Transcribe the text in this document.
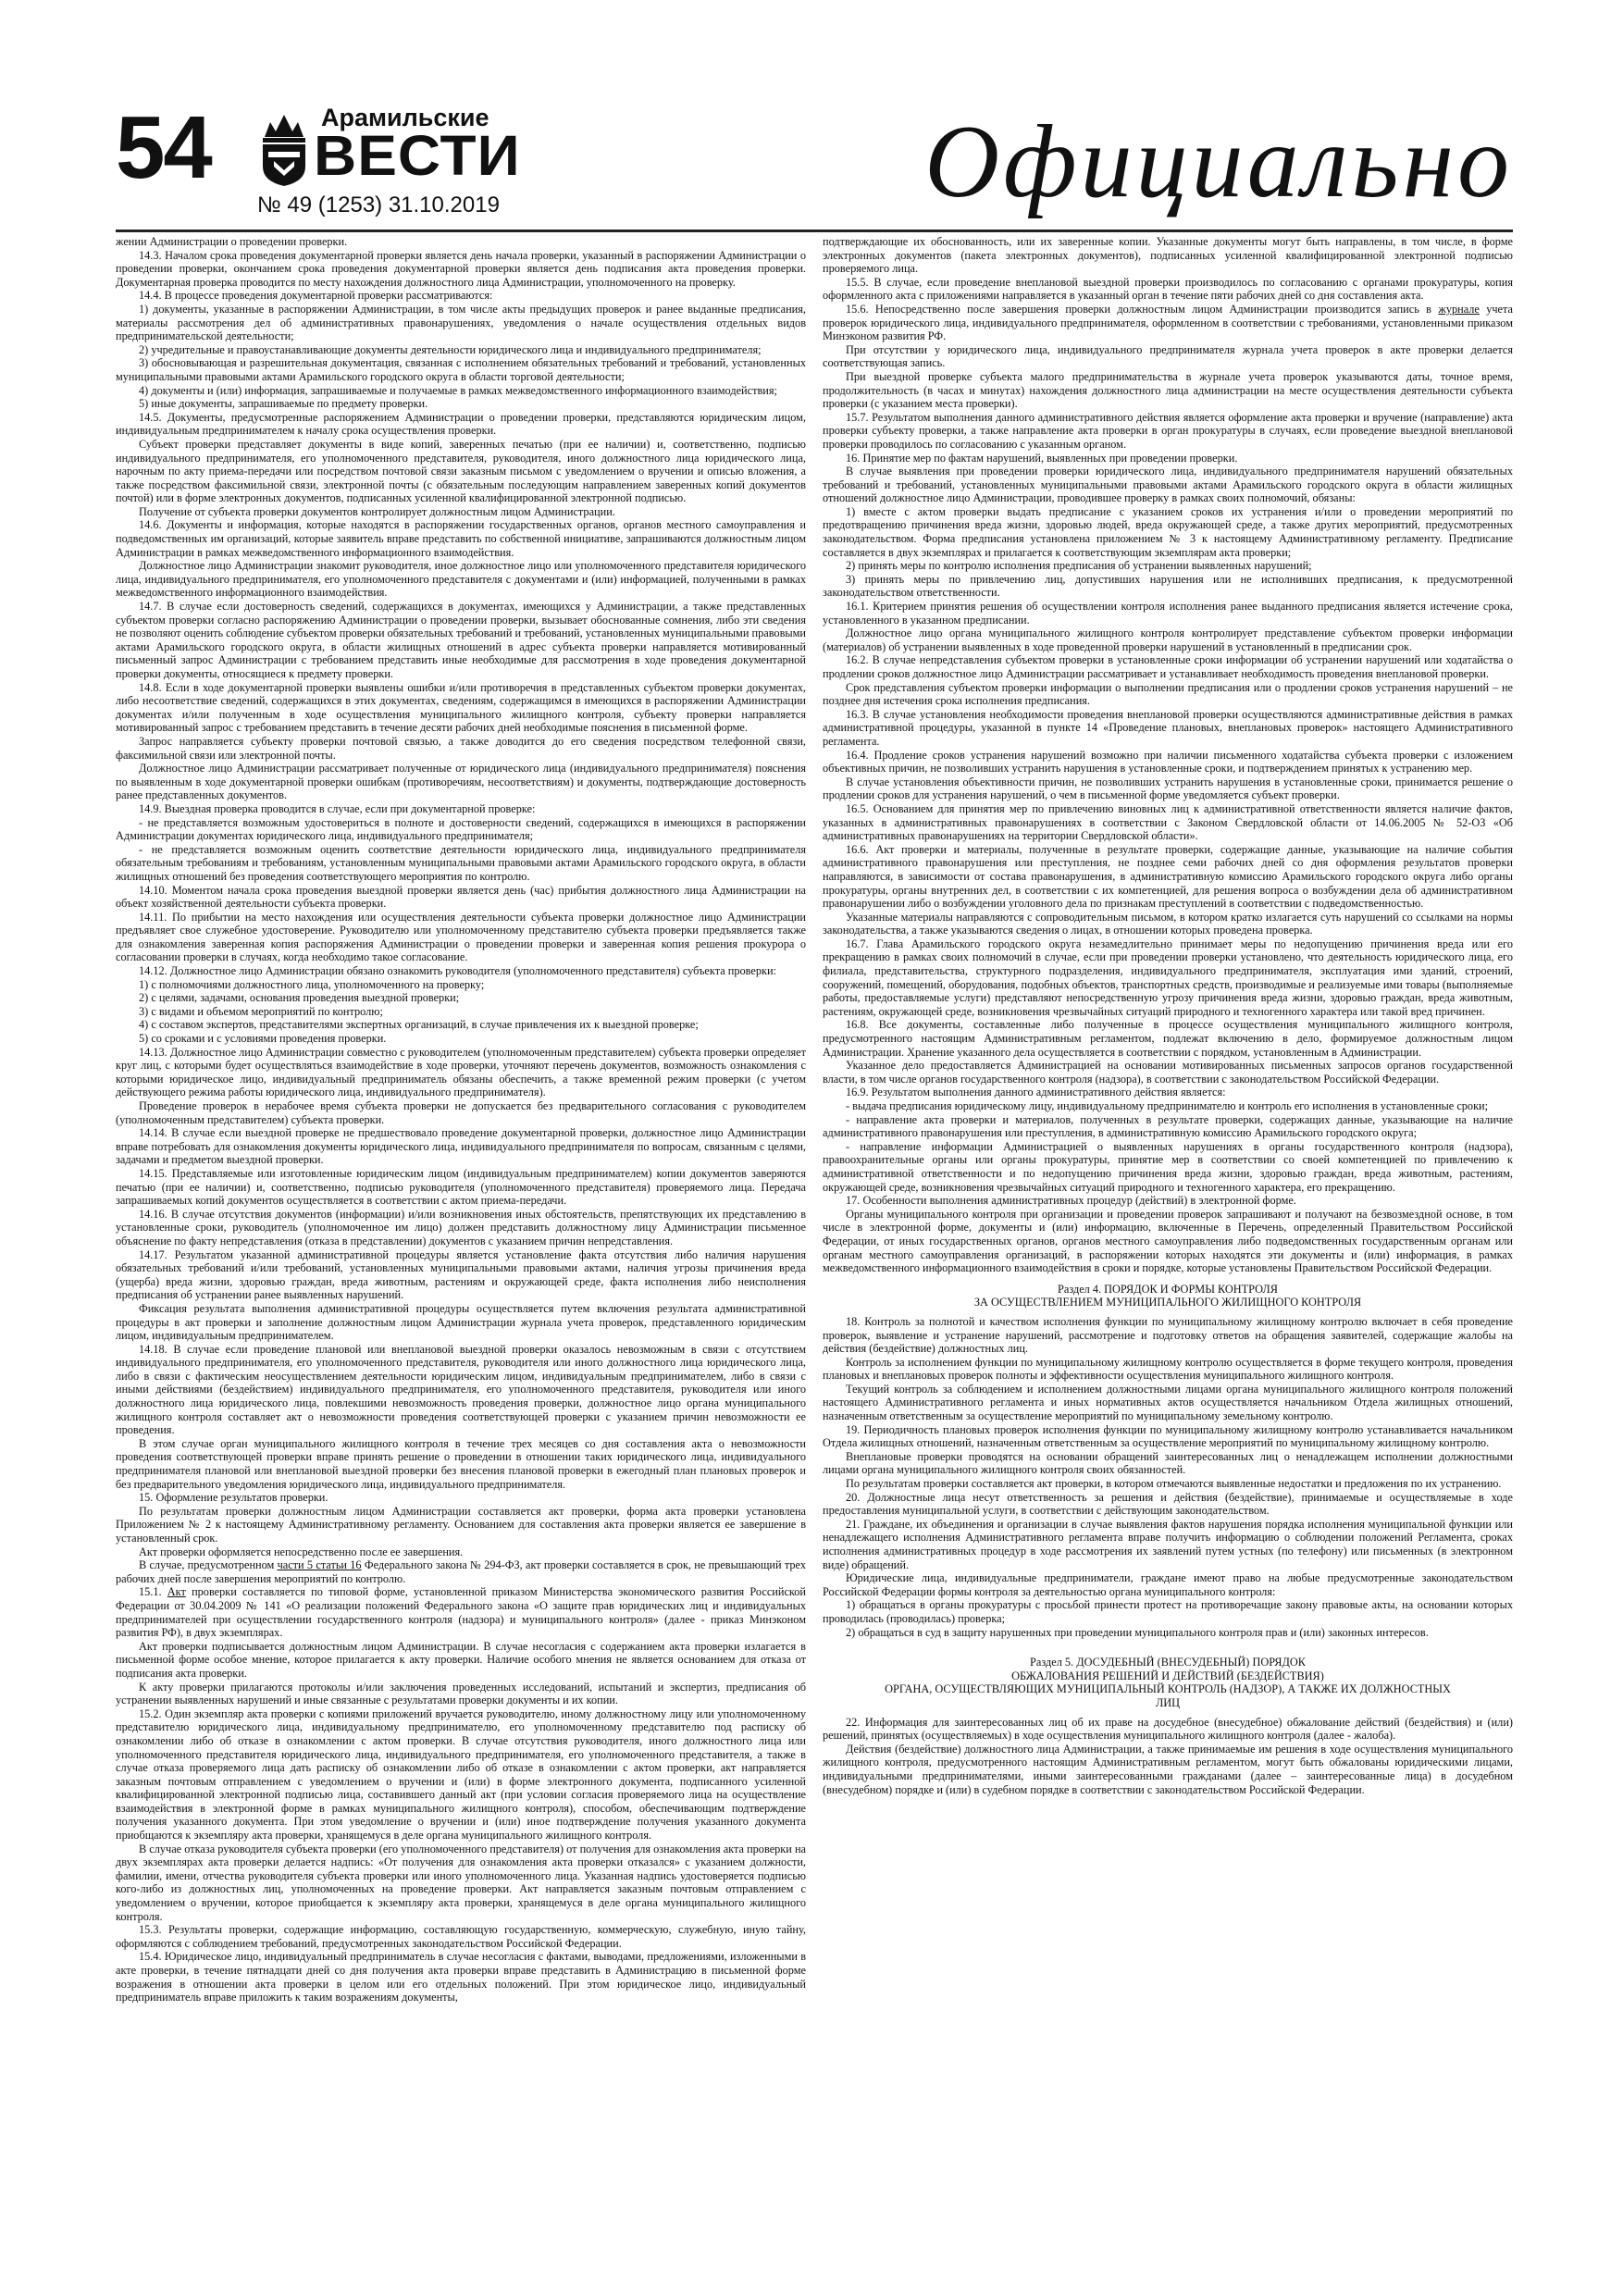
54	Арамильские
ВЕСТИ
№ 49 (1253) 31.10.2019	Официально

жении Администрации о проведении проверки.

14.3. Началом срока проведения документарной проверки является день начала проверки, указанный в распоряжении Администрации о проведении проверки, окончанием срока проведения документарной проверки является день подписания акта проведения проверки. Документарная проверка проводится по месту нахождения должностного лица Администрации, уполномоченного на проверку.

14.4. В процессе проведения документарной проверки рассматриваются:

1) документы, указанные в распоряжении Администрации, в том числе акты предыдущих проверок и ранее выданные предписания, материалы рассмотрения дел об административных правонарушениях, уведомления о начале осуществления отдельных видов предпринимательской деятельности;

2) учредительные и правоустанавливающие документы деятельности юридического лица и индивидуального предпринимателя;

3) обосновывающая и разрешительная документация, связанная с исполнением обязательных требований и требований, установленных муниципальными правовыми актами Арамильского городского округа в области торговой деятельности;

4) документы и (или) информация, запрашиваемые и получаемые в рамках межведомственного информационного взаимодействия;

5) иные документы, запрашиваемые по предмету проверки.

14.5. Документы, предусмотренные распоряжением Администрации о проведении проверки, представляются юридическим лицом, индивидуальным предпринимателем к началу срока осуществления проверки.

Субъект проверки представляет документы в виде копий, заверенных печатью (при ее наличии) и, соответственно, подписью индивидуального предпринимателя, его уполномоченного представителя, руководителя, иного должностного лица юридического лица, нарочным по акту приема-передачи или посредством почтовой связи заказным письмом с уведомлением о вручении и описью вложения, а также посредством факсимильной связи, электронной почты (с обязательным последующим направлением заверенных копий документов почтой) или в форме электронных документов, подписанных усиленной квалифицированной электронной подписью.

Получение от субъекта проверки документов контролирует должностным лицом Администрации.

14.6. Документы и информация, которые находятся в распоряжении государственных органов, органов местного самоуправления и подведомственных им организаций, которые заявитель вправе представить по собственной инициативе, запрашиваются должностным лицом Администрации в рамках межведомственного информационного взаимодействия.

Должностное лицо Администрации знакомит руководителя, иное должностное лицо или уполномоченного представителя юридического лица, индивидуального предпринимателя, его уполномоченного представителя с документами и (или) информацией, полученными в рамках межведомственного информационного взаимодействия.

14.7. В случае если достоверность сведений, содержащихся в документах, имеющихся у Администрации, а также представленных субъектом проверки согласно распоряжению Администрации о проведении проверки, вызывает обоснованные сомнения, либо эти сведения не позволяют оценить соблюдение субъектом проверки обязательных требований и требований, установленных муниципальными правовыми актами Арамильского городского округа, в области жилищных отношений в адрес субъекта проверки направляется мотивированный письменный запрос Администрации с требованием представить иные необходимые для рассмотрения в ходе проведения документарной проверки документы, относящиеся к предмету проверки.

14.8. Если в ходе документарной проверки выявлены ошибки и/или противоречия в представленных субъектом проверки документах, либо несоответствие сведений, содержащихся в этих документах, сведениям, содержащимся в имеющихся в распоряжении Администрации документах и/или полученным в ходе осуществления муниципального жилищного контроля, субъекту проверки направляется мотивированный запрос с требованием представить в течение десяти рабочих дней необходимые пояснения в письменной форме.

Запрос направляется субъекту проверки почтовой связью, а также доводится до его сведения посредством телефонной связи, факсимильной связи или электронной почты.

Должностное лицо Администрации рассматривает полученные от юридического лица (индивидуального предпринимателя) пояснения по выявленным в ходе документарной проверки ошибкам (противоречиям, несоответствиям) и документы, подтверждающие достоверность ранее представленных документов.

14.9. Выездная проверка проводится в случае, если при документарной проверке:

- не представляется возможным удостовериться в полноте и достоверности сведений, содержащихся в имеющихся в распоряжении Администрации документах юридического лица, индивидуального предпринимателя;

- не представляется возможным оценить соответствие деятельности юридического лица, индивидуального предпринимателя обязательным требованиям и требованиям, установленным муниципальными правовыми актами Арамильского городского округа, в области жилищных отношений без проведения соответствующего мероприятия по контролю.

14.10. Моментом начала срока проведения выездной проверки является день (час) прибытия должностного лица Администрации на объект хозяйственной деятельности субъекта проверки.

14.11. По прибытии на место нахождения или осуществления деятельности субъекта проверки должностное лицо Администрации предъявляет свое служебное удостоверение. Руководителю или уполномоченному представителю субъекта проверки предъявляется также для ознакомления заверенная копия распоряжения Администрации о проведении проверки и заверенная копия решения прокурора о согласовании проверки в случаях, когда необходимо такое согласование.

14.12. Должностное лицо Администрации обязано ознакомить руководителя (уполномоченного представителя) субъекта проверки:

1) с полномочиями должностного лица, уполномоченного на проверку;

2) с целями, задачами, основания проведения выездной проверки;

3) с видами и объемом мероприятий по контролю;

4) с составом экспертов, представителями экспертных организаций, в случае привлечения их к выездной проверке;

5) со сроками и с условиями проведения проверки.

14.13. Должностное лицо Администрации совместно с руководителем (уполномоченным представителем) субъекта проверки определяет круг лиц, с которыми будет осуществляться взаимодействие в ходе проверки, уточняют перечень документов, возможность ознакомления с которыми юридическое лицо, индивидуальный предприниматель обязаны обеспечить, а также временной режим проверки (с учетом действующего режима работы юридического лица, индивидуального предпринимателя).

Проведение проверок в нерабочее время субъекта проверки не допускается без предварительного согласования с руководителем (уполномоченным представителем) субъекта проверки.

14.14. В случае если выездной проверке не предшествовало проведение документарной проверки, должностное лицо Администрации вправе потребовать для ознакомления документы юридического лица, индивидуального предпринимателя по вопросам, связанным с целями, задачами и предметом выездной проверки.

14.15. Представляемые или изготовленные юридическим лицом (индивидуальным предпринимателем) копии документов заверяются печатью (при ее наличии) и, соответственно, подписью руководителя (уполномоченного представителя) проверяемого лица. Передача запрашиваемых копий документов осуществляется в соответствии с актом приема-передачи.

14.16. В случае отсутствия документов (информации) и/или возникновения иных обстоятельств, препятствующих их представлению в установленные сроки, руководитель (уполномоченное им лицо) должен представить должностному лицу Администрации письменное объяснение по факту непредставления (отказа в представлении) документов с указанием причин непредставления.

14.17. Результатом указанной административной процедуры является установление факта отсутствия либо наличия нарушения обязательных требований и/или требований, установленных муниципальными правовыми актами, наличия угрозы причинения вреда (ущерба) вреда жизни, здоровью граждан, вреда животным, растениям и окружающей среде, факта исполнения либо неисполнения предписания об устранении ранее выявленных нарушений.

Фиксация результата выполнения административной процедуры осуществляется путем включения результата административной процедуры в акт проверки и заполнение должностным лицом Администрации журнала учета проверок, представленного юридическим лицом, индивидуальным предпринимателем.

14.18. В случае если проведение плановой или внеплановой выездной проверки оказалось невозможным в связи с отсутствием индивидуального предпринимателя, его уполномоченного представителя, руководителя или иного должностного лица юридического лица, либо в связи с фактическим неосуществлением деятельности юридическим лицом, индивидуальным предпринимателем, либо в связи с иными действиями (бездействием) индивидуального предпринимателя, его уполномоченного представителя, руководителя или иного должностного лица юридического лица, повлекшими невозможность проведения проверки, должностное лицо органа муниципального жилищного контроля составляет акт о невозможности проведения соответствующей проверки с указанием причин невозможности ее проведения.

В этом случае орган муниципального жилищного контроля в течение трех месяцев со дня составления акта о невозможности проведения соответствующей проверки вправе принять решение о проведении в отношении таких юридического лица, индивидуального предпринимателя плановой или внеплановой выездной проверки без внесения плановой проверки в ежегодный план плановых проверок и без предварительного уведомления юридического лица, индивидуального предпринимателя.

15. Оформление результатов проверки.

По результатам проверки должностным лицом Администрации составляется акт проверки, форма акта проверки установлена Приложением № 2 к настоящему Административному регламенту. Основанием для составления акта проверки является ее завершение в установленный срок.

Акт проверки оформляется непосредственно после ее завершения.

В случае, предусмотренном части 5 статьи 16 Федерального закона № 294-ФЗ, акт проверки составляется в срок, не превышающий трех рабочих дней после завершения мероприятий по контролю.

15.1. Акт проверки составляется по типовой форме, установленной приказом Министерства экономического развития Российской Федерации от 30.04.2009 № 141 «О реализации положений Федерального закона «О защите прав юридических лиц и индивидуальных предпринимателей при осуществлении государственного контроля (надзора) и муниципального контроля» (далее - приказ Минэконом развития РФ), в двух экземплярах.

Акт проверки подписывается должностным лицом Администрации. В случае несогласия с содержанием акта проверки излагается в письменной форме особое мнение, которое прилагается к акту проверки. Наличие особого мнения не является основанием для отказа от подписания акта проверки.

К акту проверки прилагаются протоколы и/или заключения проведенных исследований, испытаний и экспертиз, предписания об устранении выявленных нарушений и иные связанные с результатами проверки документы и их копии.

15.2. Один экземпляр акта проверки с копиями приложений вручается руководителю, иному должностному лицу или уполномоченному представителю юридического лица, индивидуальному предпринимателю, его уполномоченному представителю под расписку об ознакомлении либо об отказе в ознакомлении с актом проверки. В случае отсутствия руководителя, иного должностного лица или уполномоченного представителя юридического лица, индивидуального предпринимателя, его уполномоченного представителя, а также в случае отказа проверяемого лица дать расписку об ознакомлении либо об отказе в ознакомлении с актом проверки, акт направляется заказным почтовым отправлением с уведомлением о вручении и (или) в форме электронного документа, подписанного усиленной квалифицированной электронной подписью лица, составившего данный акт (при условии согласия проверяемого лица на осуществление взаимодействия в электронной форме в рамках муниципального жилищного контроля), способом, обеспечивающим подтверждение получения указанного документа. При этом уведомление о вручении и (или) иное подтверждение получения указанного документа приобщаются к экземпляру акта проверки, хранящемуся в деле органа муниципального жилищного контроля.

В случае отказа руководителя субъекта проверки (его уполномоченного представителя) от получения для ознакомления акта проверки на двух экземплярах акта проверки делается надпись: «От получения для ознакомления акта проверки отказался» с указанием должности, фамилии, имени, отчества руководителя субъекта проверки или иного уполномоченного лица. Указанная надпись удостоверяется подписью кого-либо из должностных лиц, уполномоченных на проведение проверки. Акт направляется заказным почтовым отправлением с уведомлением о вручении, которое приобщается к экземпляру акта проверки, хранящемуся в деле органа муниципального жилищного контроля.

15.3. Результаты проверки, содержащие информацию, составляющую государственную, коммерческую, служебную, иную тайну, оформляются с соблюдением требований, предусмотренных законодательством Российской Федерации.

15.4. Юридическое лицо, индивидуальный предприниматель в случае несогласия с фактами, выводами, предложениями, изложенными в акте проверки, в течение пятнадцати дней со дня получения акта проверки вправе представить в Администрацию в письменной форме возражения в отношении акта проверки в целом или его отдельных положений. При этом юридическое лицо, индивидуальный предприниматель вправе приложить к таким возражениям документы,

подтверждающие их обоснованность, или их заверенные копии. Указанные документы могут быть направлены, в том числе, в форме электронных документов (пакета электронных документов), подписанных усиленной квалифицированной электронной подписью проверяемого лица.

15.5. В случае, если проведение внеплановой выездной проверки производилось по согласованию с органами прокуратуры, копия оформленного акта с приложениями направляется в указанный орган в течение пяти рабочих дней со дня составления акта.

15.6. Непосредственно после завершения проверки должностным лицом Администрации производится запись в журнале учета проверок юридического лица, индивидуального предпринимателя, оформленном в соответствии с требованиями, установленными приказом Минэконом развития РФ.

При отсутствии у юридического лица, индивидуального предпринимателя журнала учета проверок в акте проверки делается соответствующая запись.

При выездной проверке субъекта малого предпринимательства в журнале учета проверок указываются даты, точное время, продолжительность (в часах и минутах) нахождения должностного лица администрации на месте осуществления деятельности субъекта проверки (с указанием места проверки).

15.7. Результатом выполнения данного административного действия является оформление акта проверки и вручение (направление) акта проверки субъекту проверки, а также направление акта проверки в орган прокуратуры в случаях, если проведение выездной внеплановой проверки проводилось по согласованию с указанным органом.

16. Принятие мер по фактам нарушений, выявленных при проведении проверки.

В случае выявления при проведении проверки юридического лица, индивидуального предпринимателя нарушений обязательных требований и требований, установленных муниципальными правовыми актами Арамильского городского округа в области жилищных отношений должностное лицо Администрации, проводившее проверку в рамках своих полномочий, обязаны:

1) вместе с актом проверки выдать предписание с указанием сроков их устранения и/или о проведении мероприятий по предотвращению причинения вреда жизни, здоровью людей, вреда окружающей среде, а также других мероприятий, предусмотренных законодательством. Форма предписания установлена приложением № 3 к настоящему Административному регламенту. Предписание составляется в двух экземплярах и прилагается к соответствующим экземплярам акта проверки;

2) принять меры по контролю исполнения предписания об устранении выявленных нарушений;

3) принять меры по привлечению лиц, допустивших нарушения или не исполнивших предписания, к предусмотренной законодательством ответственности.

16.1. Критерием принятия решения об осуществлении контроля исполнения ранее выданного предписания является истечение срока, установленного в указанном предписании.

Должностное лицо органа муниципального жилищного контроля контролирует представление субъектом проверки информации (материалов) об устранении выявленных в ходе проведенной проверки нарушений в установленный в предписании срок.

16.2. В случае непредставления субъектом проверки в установленные сроки информации об устранении нарушений или ходатайства о продлении сроков должностное лицо Администрации рассматривает и устанавливает необходимость проведения внеплановой проверки.

Срок представления субъектом проверки информации о выполнении предписания или о продлении сроков устранения нарушений – не позднее дня истечения срока исполнения предписания.

16.3. В случае установления необходимости проведения внеплановой проверки осуществляются административные действия в рамках административной процедуры, указанной в пункте 14 «Проведение плановых, внеплановых проверок» настоящего Административного регламента.

16.4. Продление сроков устранения нарушений возможно при наличии письменного ходатайства субъекта проверки с изложением объективных причин, не позволивших устранить нарушения в установленные сроки, и подтверждением принятых к устранению мер.

В случае установления объективности причин, не позволивших устранить нарушения в установленные сроки, принимается решение о продлении сроков для устранения нарушений, о чем в письменной форме уведомляется субъект проверки.

16.5. Основанием для принятия мер по привлечению виновных лиц к административной ответственности является наличие фактов, указанных в административных правонарушениях в соответствии с Законом Свердловской области от 14.06.2005 № 52-ОЗ «Об административных правонарушениях на территории Свердловской области».

16.6. Акт проверки и материалы, полученные в результате проверки, содержащие данные, указывающие на наличие события административного правонарушения или преступления, не позднее семи рабочих дней со дня оформления результатов проверки направляются, в зависимости от состава правонарушения, в административную комиссию Арамильского городского округа либо органы прокуратуры, органы внутренних дел, в соответствии с их компетенцией, для решения вопроса о возбуждении дела об административном правонарушении либо о возбуждении уголовного дела по признакам преступлений в соответствии с подведомственностью.

Указанные материалы направляются с сопроводительным письмом, в котором кратко излагается суть нарушений со ссылками на нормы законодательства, а также указываются сведения о лицах, в отношении которых проведена проверка.

16.7. Глава Арамильского городского округа незамедлительно принимает меры по недопущению причинения вреда или его прекращению в рамках своих полномочий в случае, если при проведении проверки установлено, что деятельность юридического лица, его филиала, представительства, структурного подразделения, индивидуального предпринимателя, эксплуатация ими зданий, строений, сооружений, помещений, оборудования, подобных объектов, транспортных средств, производимые и реализуемые ими товары (выполняемые работы, предоставляемые услуги) представляют непосредственную угрозу причинения вреда жизни, здоровью граждан, вреда животным, растениям, окружающей среде, возникновения чрезвычайных ситуаций природного и техногенного характера или такой вред причинен.

16.8. Все документы, составленные либо полученные в процессе осуществления муниципального жилищного контроля, предусмотренного настоящим Административным регламентом, подлежат включению в дело, формируемое должностным лицом Администрации. Хранение указанного дела осуществляется в соответствии с порядком, установленным в Администрации.

Указанное дело предоставляется Администрацией на основании мотивированных письменных запросов органов государственной власти, в том числе органов государственного контроля (надзора), в соответствии с законодательством Российской Федерации.

16.9. Результатом выполнения данного административного действия является:

- выдача предписания юридическому лицу, индивидуальному предпринимателю и контроль его исполнения в установленные сроки;

- направление акта проверки и материалов, полученных в результате проверки, содержащих данные, указывающие на наличие административного правонарушения или преступления, в административную комиссию Арамильского городского округа;

- направление информации Администрацией о выявленных нарушениях в органы государственного контроля (надзора), правоохранительные органы или органы прокуратуры, принятие мер в соответствии со своей компетенцией по привлечению к административной ответственности и по недопущению причинения вреда жизни, здоровью граждан, вреда животным, растениям, окружающей среде, возникновения чрезвычайных ситуаций природного и техногенного характера, его прекращению.

17. Особенности выполнения административных процедур (действий) в электронной форме.

Органы муниципального контроля при организации и проведении проверок запрашивают и получают на безвозмездной основе, в том числе в электронной форме, документы и (или) информацию, включенные в Перечень, определенный Правительством Российской Федерации, от иных государственных органов, органов местного самоуправления либо подведомственных государственным органам или органам местного самоуправления организаций, в распоряжении которых находятся эти документы и (или) информация, в рамках межведомственного информационного взаимодействия в сроки и порядке, которые установлены Правительством Российской Федерации.

Раздел 4. ПОРЯДОК И ФОРМЫ КОНТРОЛЯ
ЗА ОСУЩЕСТВЛЕНИЕМ МУНИЦИПАЛЬНОГО ЖИЛИЩНОГО КОНТРОЛЯ

18. Контроль за полнотой и качеством исполнения функции по муниципальному жилищному контролю включает в себя проведение проверок, выявление и устранение нарушений, рассмотрение и подготовку ответов на обращения заявителей, содержащие жалобы на действия (бездействие) должностных лиц.

Контроль за исполнением функции по муниципальному жилищному контролю осуществляется в форме текущего контроля, проведения плановых и внеплановых проверок полноты и эффективности осуществления муниципального жилищного контроля.

Текущий контроль за соблюдением и исполнением должностными лицами органа муниципального жилищного контроля положений настоящего Административного регламента и иных нормативных актов осуществляется начальником Отдела жилищных отношений, назначенным ответственным за осуществление мероприятий по муниципальному земельному контролю.

19. Периодичность плановых проверок исполнения функции по муниципальному жилищному контролю устанавливается начальником Отдела жилищных отношений, назначенным ответственным за осуществление мероприятий по муниципальному жилищному контролю.

Внеплановые проверки проводятся на основании обращений заинтересованных лиц о ненадлежащем исполнении должностными лицами органа муниципального жилищного контроля своих обязанностей.

По результатам проверки составляется акт проверки, в котором отмечаются выявленные недостатки и предложения по их устранению.

20. Должностные лица несут ответственность за решения и действия (бездействие), принимаемые и осуществляемые в ходе предоставления муниципальной услуги, в соответствии с действующим законодательством.

21. Граждане, их объединения и организации в случае выявления фактов нарушения порядка исполнения муниципальной функции или ненадлежащего исполнения Административного регламента вправе получить информацию о соблюдении положений Регламента, сроках исполнения административных процедур в ходе рассмотрения их заявлений путем устных (по телефону) или письменных (в электронном виде) обращений.

Юридические лица, индивидуальные предприниматели, граждане имеют право на любые предусмотренные законодательством Российской Федерации формы контроля за деятельностью органа муниципального контроля:

1) обращаться в органы прокуратуры с просьбой принести протест на противоречащие закону правовые акты, на основании которых проводилась (проводилась) проверка;

2) обращаться в суд в защиту нарушенных при проведении муниципального контроля прав и (или) законных интересов.

Раздел 5. ДОСУДЕБНЫЙ (ВНЕСУДЕБНЫЙ) ПОРЯДОК
ОБЖАЛОВАНИЯ РЕШЕНИЙ И ДЕЙСТВИЙ (БЕЗДЕЙСТВИЯ)
ОРГАНА, ОСУЩЕСТВЛЯЮЩИХ МУНИЦИПАЛЬНЫЙ КОНТРОЛЬ (НАДЗОР), А ТАКЖЕ ИХ ДОЛЖНОСТНЫХ
ЛИЦ

22. Информация для заинтересованных лиц об их праве на досудебное (внесудебное) обжалование действий (бездействия) и (или) решений, принятых (осуществляемых) в ходе осуществления муниципального жилищного контроля (далее - жалоба).

Действия (бездействие) должностного лица Администрации, а также принимаемые им решения в ходе осуществления муниципального жилищного контроля, предусмотренного настоящим Административным регламентом, могут быть обжалованы юридическими лицами, индивидуальными предпринимателями, иными заинтересованными гражданами (далее – заинтересованные лица) в досудебном (внесудебном) порядке и (или) в судебном порядке в соответствии с законодательством Российской Федерации.
